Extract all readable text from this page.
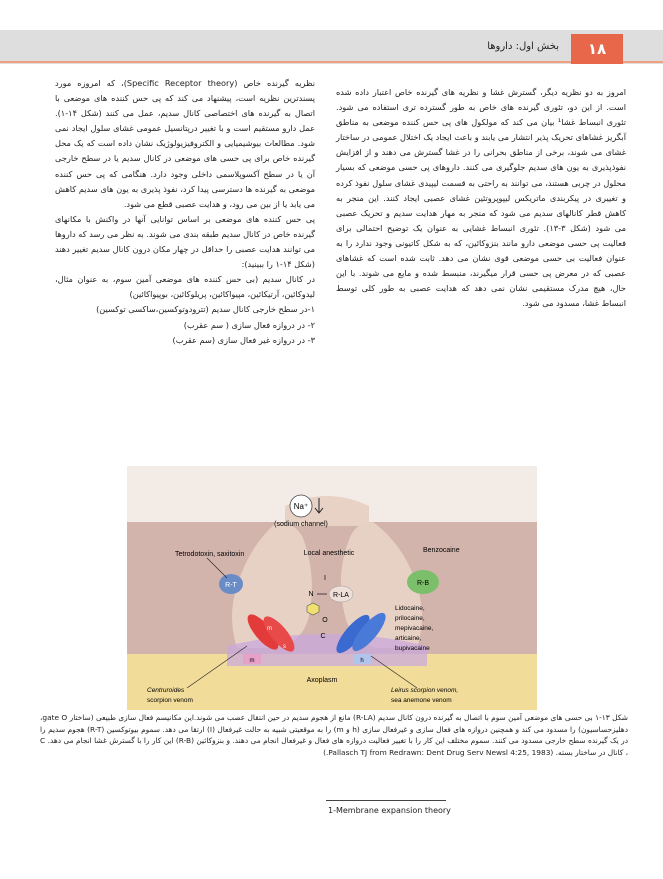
۱۸
بخش اول: داروها

امروز به دو نظریه دیگر، گسترش غشا و نظریه های گیرنده خاص اعتبار داده شده است. از این دو، تئوری گیرنده های خاص به طور گسترده تری استفاده می شود. تئوری انبساط غشا¹ بیان می کند که مولکول های پی حس کننده موضعی به مناطق آبگریز غشاهای تحریک پذیر انتشار می یابند و باعث ایجاد یک اختلال عمومی در ساختار غشای می شوند، برخی از مناطق بحرانی را در غشا گسترش می دهند و از افزایش نفوذپذیری به یون های سدیم جلوگیری می کنند. داروهای پی حسی موضعی که بسیار محلول در چربی هستند، می توانند به راحتی به قسمت لیپیدی غشای سلول نفوذ کرده و تغییری در پیکربندی ماتریکس لیپوپروتئین غشای عصبی ایجاد کنند. این منجر به کاهش قطر کانالهای سدیم می شود که منجر به مهار هدایت سدیم و تحریک عصبی می شود (شکل ۳-۱۳). تئوری انبساط غشایی به عنوان یک توضیح احتمالی برای فعالیت پی حسی موضعی دارو مانند بنزوکائین، که به شکل کاتیونی وجود ندارد را به عنوان فعالیت بی حسی موضعی قوی نشان می دهد. ثابت شده است که غشاهای عصبی که در معرض پی حسی قرار میگیرند، منبسط شده و مایع می شوند. با این حال، هیچ مدرک مستقیمی نشان نمی دهد که هدایت عصبی به طور کلی توسط انبساط غشا، مسدود می شود.

نظریه گیرنده خاص (Specific Receptor theory)، که امروزه مورد پسندترین نظریه است، پیشنهاد می کند که پی حس کننده های موضعی با اتصال به گیرنده های اختصاصی کانال سدیم، عمل می کنند (شکل ۱۴-۱). عمل دارو مستقیم است و با تغییر درپتانسیل عمومی غشای سلول ایجاد نمی شود. مطالعات بیوشیمیایی و الکتروفیزیولوژیک نشان داده است که یک محل گیرنده خاص برای پی حسی های موضعی در کانال سدیم یا در سطح خارجی آن یا در سطح آکسوپلاسمی داخلی وجود دارد. هنگامی که پی حس کننده موضعی به گیرنده ها دسترسی پیدا کرد، نفوذ پذیری به یون های سدیم کاهش می یابد یا از بین می رود، و هدایت عصبی قطع می شود.

پی حس کننده های موضعی بر اساس توانایی آنها در واکنش با مکانهای گیرنده خاص در کانال سدیم طبقه بندی می شوند. به نظر می رسد که داروها می توانند هدایت عصبی را حداقل در چهار مکان درون کانال سدیم تغییر دهند (شکل ۱۴-۱ را ببینید):

در کانال سدیم (بی حس کننده های موضعی آمین سوم، به عنوان مثال، لیدوکائین، آرتیکائین، مپیواکائین، پریلوکائین، بوپیواکائین)

۱-در سطح خارجی کانال سدیم (تترودوتوکسین،ساکسی توکسین)

۲- در دروازه فعال سازی ( سم عقرب)

۳- در دروازه غیر فعال سازی (سم عقرب)

Na⁺
(sodium channel)
Tetrodotoxin, saxitoxin
R-T
Local anesthetic
I
N	R-LA
O
C
Benzocaine
R-B
Lidocaine,
prilocaine,
mepivacaine,
articaine,
bupivacaine
m
s
m	h
Axoplasm
Centruroides
scorpion venom
Leirus scorpion venom,
sea anemone venom
شکل ۱۳-۱ بی حسی های موضعی آمین سوم با اتصال به گیرنده درون کانال سدیم (R-LA) مانع از هجوم سدیم در حین انتقال عصب می شوند.این مکانیسم فعال سازی طبیعی (ساختار gate O، دهلیزحساسیون) را مسدود می کند و همچنین دروازه های فعال سازی و غیرفعال سازی (h و m) را به موقعیتی شبیه به حالت غیرفعال (I) ارتقا می دهد. سموم بیوتوکسین (R-T) هجوم سدیم را در یک گیرنده سطح خارجی مسدود می کنند. سموم مختلف این کار را با تغییر فعالیت دروازه های فعال و غیرفعال انجام می دهند. و بنزوکائین (R-B) این کار را با گسترش غشا انجام می دهد. C ، کانال در ساختار بسته. (Pallasch TJ from Redrawn: Dent Drug Serv Newsl 4:25, 1983.)
1-Membrane expansion theory
